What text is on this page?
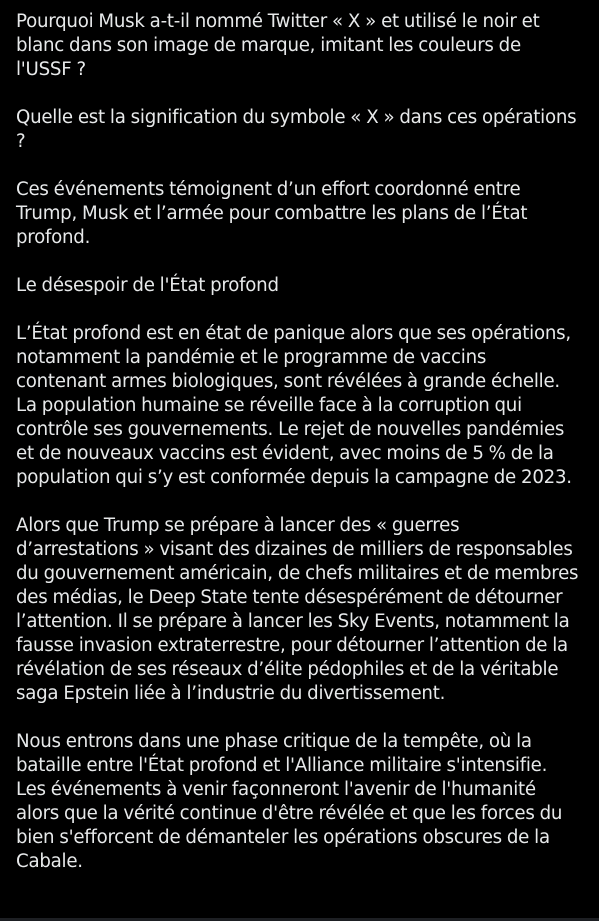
Pourquoi Musk a-t-il nommé Twitter « X » et utilisé le noir et blanc dans son image de marque, imitant les couleurs de l'USSF ?

Quelle est la signification du symbole « X » dans ces opérations ?

Ces événements témoignent d’un effort coordonné entre Trump, Musk et l’armée pour combattre les plans de l’État profond.

Le désespoir de l'État profond

L’État profond est en état de panique alors que ses opérations, notamment la pandémie et le programme de vaccins contenant armes biologiques, sont révélées à grande échelle. La population humaine se réveille face à la corruption qui contrôle ses gouvernements. Le rejet de nouvelles pandémies et de nouveaux vaccins est évident, avec moins de 5 % de la population qui s’y est conformée depuis la campagne de 2023.

Alors que Trump se prépare à lancer des « guerres d’arrestations » visant des dizaines de milliers de responsables du gouvernement américain, de chefs militaires et de membres des médias, le Deep State tente désespérément de détourner l’attention. Il se prépare à lancer les Sky Events, notamment la fausse invasion extraterrestre, pour détourner l’attention de la révélation de ses réseaux d’élite pédophiles et de la véritable saga Epstein liée à l’industrie du divertissement.

Nous entrons dans une phase critique de la tempête, où la bataille entre l'État profond et l'Alliance militaire s'intensifie. Les événements à venir façonneront l'avenir de l'humanité alors que la vérité continue d'être révélée et que les forces du bien s'efforcent de démanteler les opérations obscures de la Cabale.
